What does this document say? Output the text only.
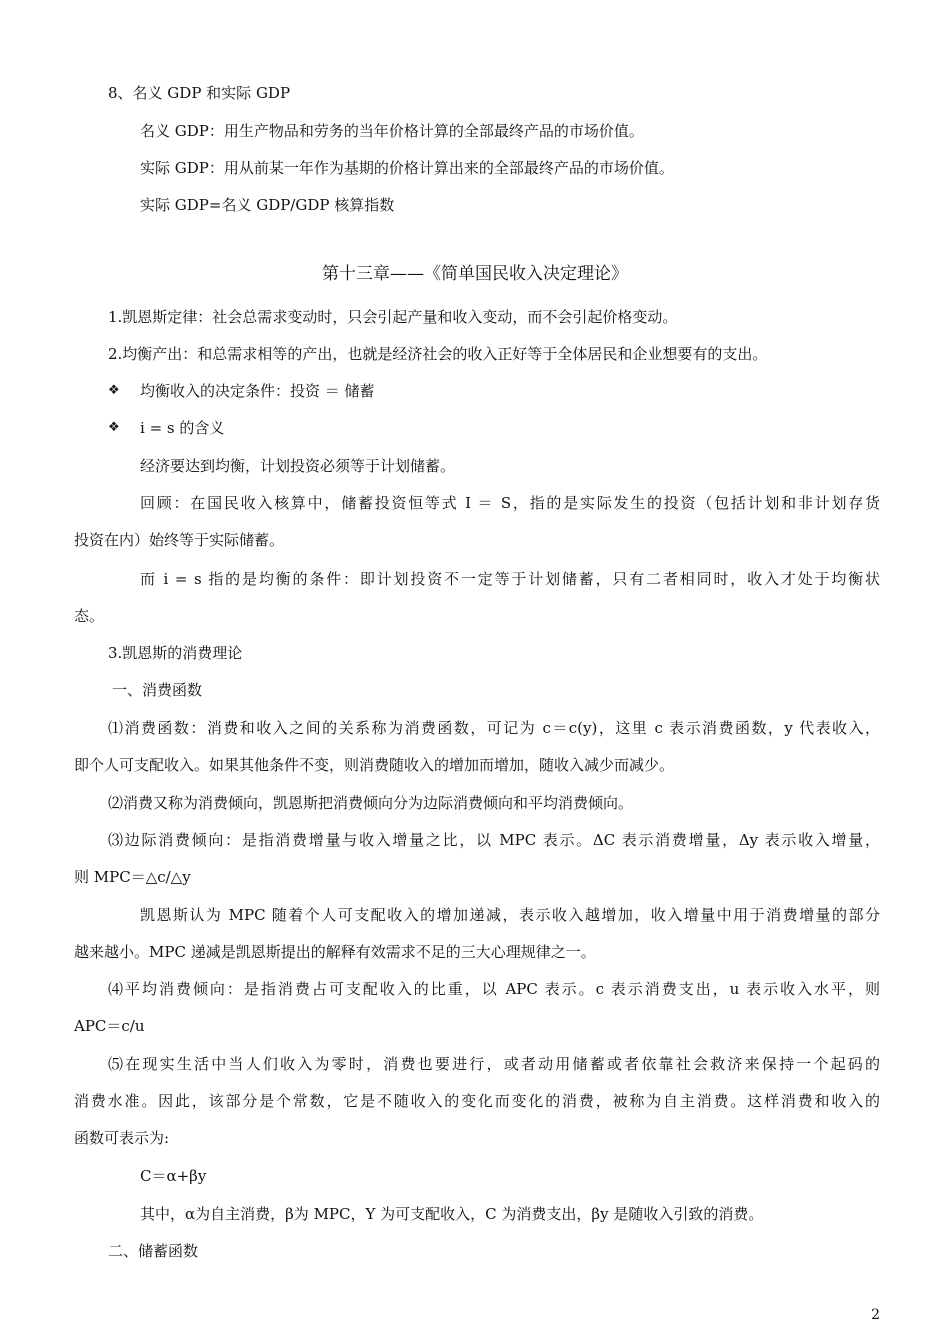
8、名义 GDP 和实际 GDP
名义 GDP：用生产物品和劳务的当年价格计算的全部最终产品的市场价值。
实际 GDP：用从前某一年作为基期的价格计算出来的全部最终产品的市场价值。
实际 GDP=名义 GDP/GDP 核算指数
第十三章——《简单国民收入决定理论》
1.凯恩斯定律：社会总需求变动时，只会引起产量和收入变动，而不会引起价格变动。
2.均衡产出：和总需求相等的产出，也就是经济社会的收入正好等于全体居民和企业想要有的支出。
❖ 均衡收入的决定条件：投资 ＝ 储蓄
❖ i = s 的含义
经济要达到均衡，计划投资必须等于计划储蓄。
回顾：在国民收入核算中，储蓄投资恒等式 I ＝ S，指的是实际发生的投资（包括计划和非计划存货
投资在内）始终等于实际储蓄。
而 i = s 指的是均衡的条件：即计划投资不一定等于计划储蓄，只有二者相同时，收入才处于均衡状
态。
3.凯恩斯的消费理论
一、消费函数
⑴消费函数：消费和收入之间的关系称为消费函数，可记为 c＝c(y)，这里 c 表示消费函数，y 代表收入，
即个人可支配收入。如果其他条件不变，则消费随收入的增加而增加，随收入减少而减少。
⑵消费又称为消费倾向，凯恩斯把消费倾向分为边际消费倾向和平均消费倾向。
⑶边际消费倾向：是指消费增量与收入增量之比，以 MPC 表示。ΔC 表示消费增量，Δy 表示收入增量，
则 MPC＝△c/△y
凯恩斯认为 MPC 随着个人可支配收入的增加递减，表示收入越增加，收入增量中用于消费增量的部分
越来越小。MPC 递减是凯恩斯提出的解释有效需求不足的三大心理规律之一。
⑷平均消费倾向：是指消费占可支配收入的比重，以 APC 表示。c 表示消费支出，u 表示收入水平，则
APC＝c/u
⑸在现实生活中当人们收入为零时，消费也要进行，或者动用储蓄或者依靠社会救济来保持一个起码的
消费水准。因此，该部分是个常数，它是不随收入的变化而变化的消费，被称为自主消费。这样消费和收入的
函数可表示为:
C＝α+βy
其中，α为自主消费，β为 MPC，Y 为可支配收入，C 为消费支出，βy 是随收入引致的消费。
二、储蓄函数
2
